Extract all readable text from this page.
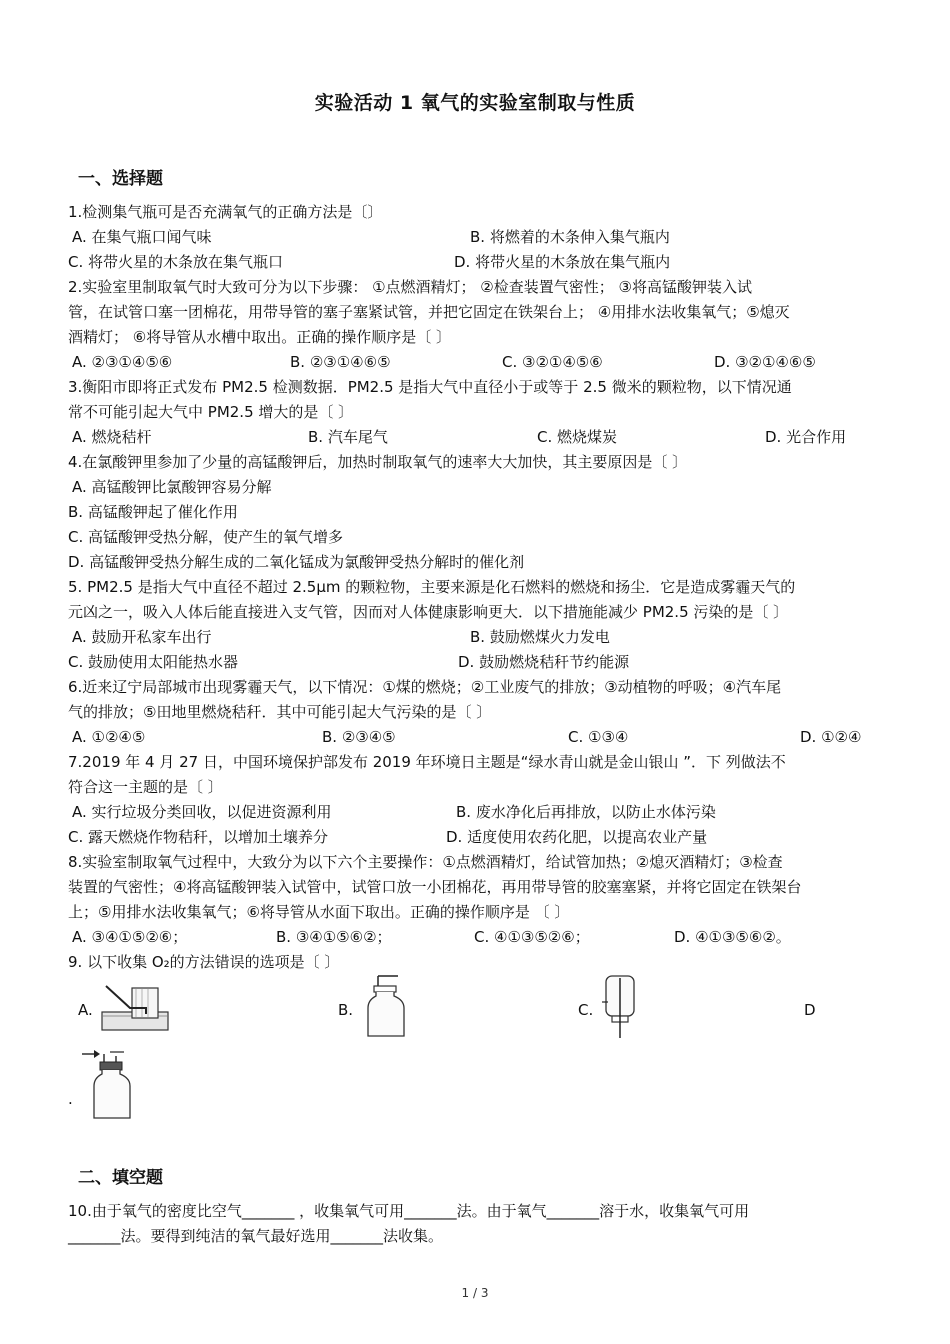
实验活动 1 氧气的实验室制取与性质
一、选择题
1.检测集气瓶可是否充满氧气的正确方法是〔〕
A. 在集气瓶口闻气味	B. 将燃着的木条伸入集气瓶内
C. 将带火星的木条放在集气瓶口	D. 将带火星的木条放在集气瓶内
2.实验室里制取氧气时大致可分为以下步骤： ①点燃酒精灯； ②检查装置气密性； ③将高锰酸钾装入试
管，在试管口塞一团棉花，用带导管的塞子塞紧试管，并把它固定在铁架台上； ④用排水法收集氧气；⑤熄灭
酒精灯； ⑥将导管从水槽中取出。正确的操作顺序是〔 〕
A. ②③①④⑤⑥	B. ②③①④⑥⑤	C. ③②①④⑤⑥	D. ③②①④⑥⑤
3.衡阳市即将正式发布 PM2.5 检测数据．PM2.5 是指大气中直径小于或等于 2.5 微米的颗粒物，以下情况通
常不可能引起大气中 PM2.5 增大的是〔 〕
A. 燃烧秸杆	B. 汽车尾气	C. 燃烧煤炭	D. 光合作用
4.在氯酸钾里参加了少量的高锰酸钾后，加热时制取氧气的速率大大加快，其主要原因是〔 〕
A. 高锰酸钾比氯酸钾容易分解
B. 高锰酸钾起了催化作用
C. 高锰酸钾受热分解，使产生的氧气增多
D. 高锰酸钾受热分解生成的二氧化锰成为氯酸钾受热分解时的催化剂
5. PM2.5 是指大气中直径不超过 2.5μm 的颗粒物，主要来源是化石燃料的燃烧和扬尘．它是造成雾霾天气的
元凶之一，吸入人体后能直接进入支气管，因而对人体健康影响更大．以下措施能减少 PM2.5 污染的是〔 〕
A. 鼓励开私家车出行	B. 鼓励燃煤火力发电
C. 鼓励使用太阳能热水器	D. 鼓励燃烧秸秆节约能源
6.近来辽宁局部城市出现雾霾天气，以下情况：①煤的燃烧；②工业废气的排放；③动植物的呼吸；④汽车尾
气的排放；⑤田地里燃烧秸秆．其中可能引起大气污染的是〔 〕
A. ①②④⑤	B. ②③④⑤	C. ①③④	D. ①②④
7.2019 年 4 月 27 日，中国环境保护部发布 2019 年环境日主题是“绿水青山就是金山银山 ”．下 列做法不
符合这一主题的是〔 〕
A. 实行垃圾分类回收，以促进资源利用	B. 废水净化后再排放，以防止水体污染
C. 露天燃烧作物秸秆，以增加土壤养分	D. 适度使用农药化肥，以提高农业产量
8.实验室制取氧气过程中，大致分为以下六个主要操作：①点燃酒精灯，给试管加热；②熄灭酒精灯；③检查
装置的气密性；④将高锰酸钾装入试管中，试管口放一小团棉花，再用带导管的胶塞塞紧，并将它固定在铁架台
上；⑤用排水法收集氧气；⑥将导管从水面下取出。正确的操作顺序是 〔 〕
A. ③④①⑤②⑥；	B. ③④①⑤⑥②；	C. ④①③⑤②⑥；	D. ④①③⑤⑥②。
9. 以下收集 O₂的方法错误的选项是〔 〕
A.	B.	C.	D
.
二、填空题
10.由于氧气的密度比空气_______ ，收集氧气可用_______法。由于氧气_______溶于水，收集氧气可用
_______法。要得到纯洁的氧气最好选用_______法收集。
1 / 3
